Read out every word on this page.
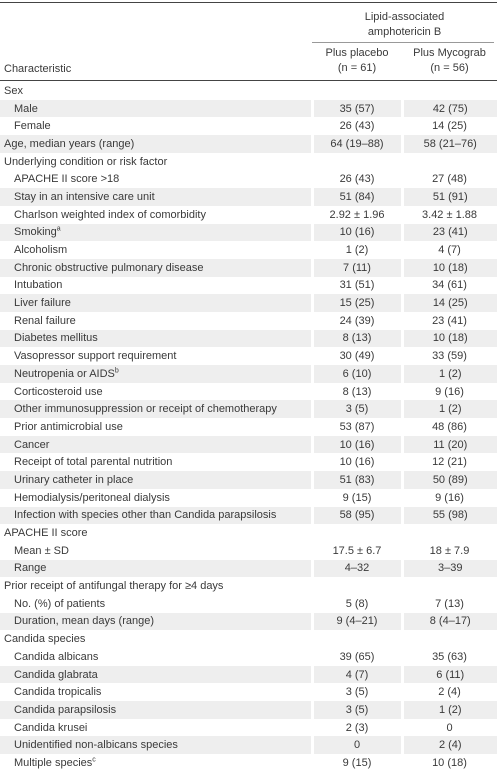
Lipid-associated
amphotericin B
Plus placebo
(n = 61)
Plus Mycograb
(n = 56)
Characteristic
Sex		
Male	35 (57)	42 (75)
Female	26 (43)	14 (25)
Age, median years (range)	64 (19–88)	58 (21–76)
Underlying condition or risk factor		
APACHE II score >18	26 (43)	27 (48)
Stay in an intensive care unit	51 (84)	51 (91)
Charlson weighted index of comorbidity	2.92 ± 1.96	3.42 ± 1.88
Smoking$^a$	10 (16)	23 (41)
Alcoholism	1 (2)	4 (7)
Chronic obstructive pulmonary disease	7 (11)	10 (18)
Intubation	31 (51)	34 (61)
Liver failure	15 (25)	14 (25)
Renal failure	24 (39)	23 (41)
Diabetes mellitus	8 (13)	10 (18)
Vasopressor support requirement	30 (49)	33 (59)
Neutropenia or AIDS$^b$	6 (10)	1 (2)
Corticosteroid use	8 (13)	9 (16)
Other immunosuppression or receipt of chemotherapy	3 (5)	1 (2)
Prior antimicrobial use	53 (87)	48 (86)
Cancer	10 (16)	11 (20)
Receipt of total parental nutrition	10 (16)	12 (21)
Urinary catheter in place	51 (83)	50 (89)
Hemodialysis/peritoneal dialysis	9 (15)	9 (16)
Infection with species other than Candida parapsilosis	58 (95)	55 (98)
APACHE II score		
Mean ± SD	17.5 ± 6.7	18 ± 7.9
Range	4–32	3–39
Prior receipt of antifungal therapy for ≥4 days		
No. (%) of patients	5 (8)	7 (13)
Duration, mean days (range)	9 (4–21)	8 (4–17)
Candida species		
Candida albicans	39 (65)	35 (63)
Candida glabrata	4 (7)	6 (11)
Candida tropicalis	3 (5)	2 (4)
Candida parapsilosis	3 (5)	1 (2)
Candida krusei	2 (3)	0
Unidentified non-albicans species	0	2 (4)
Multiple species$^c$	9 (15)	10 (18)
